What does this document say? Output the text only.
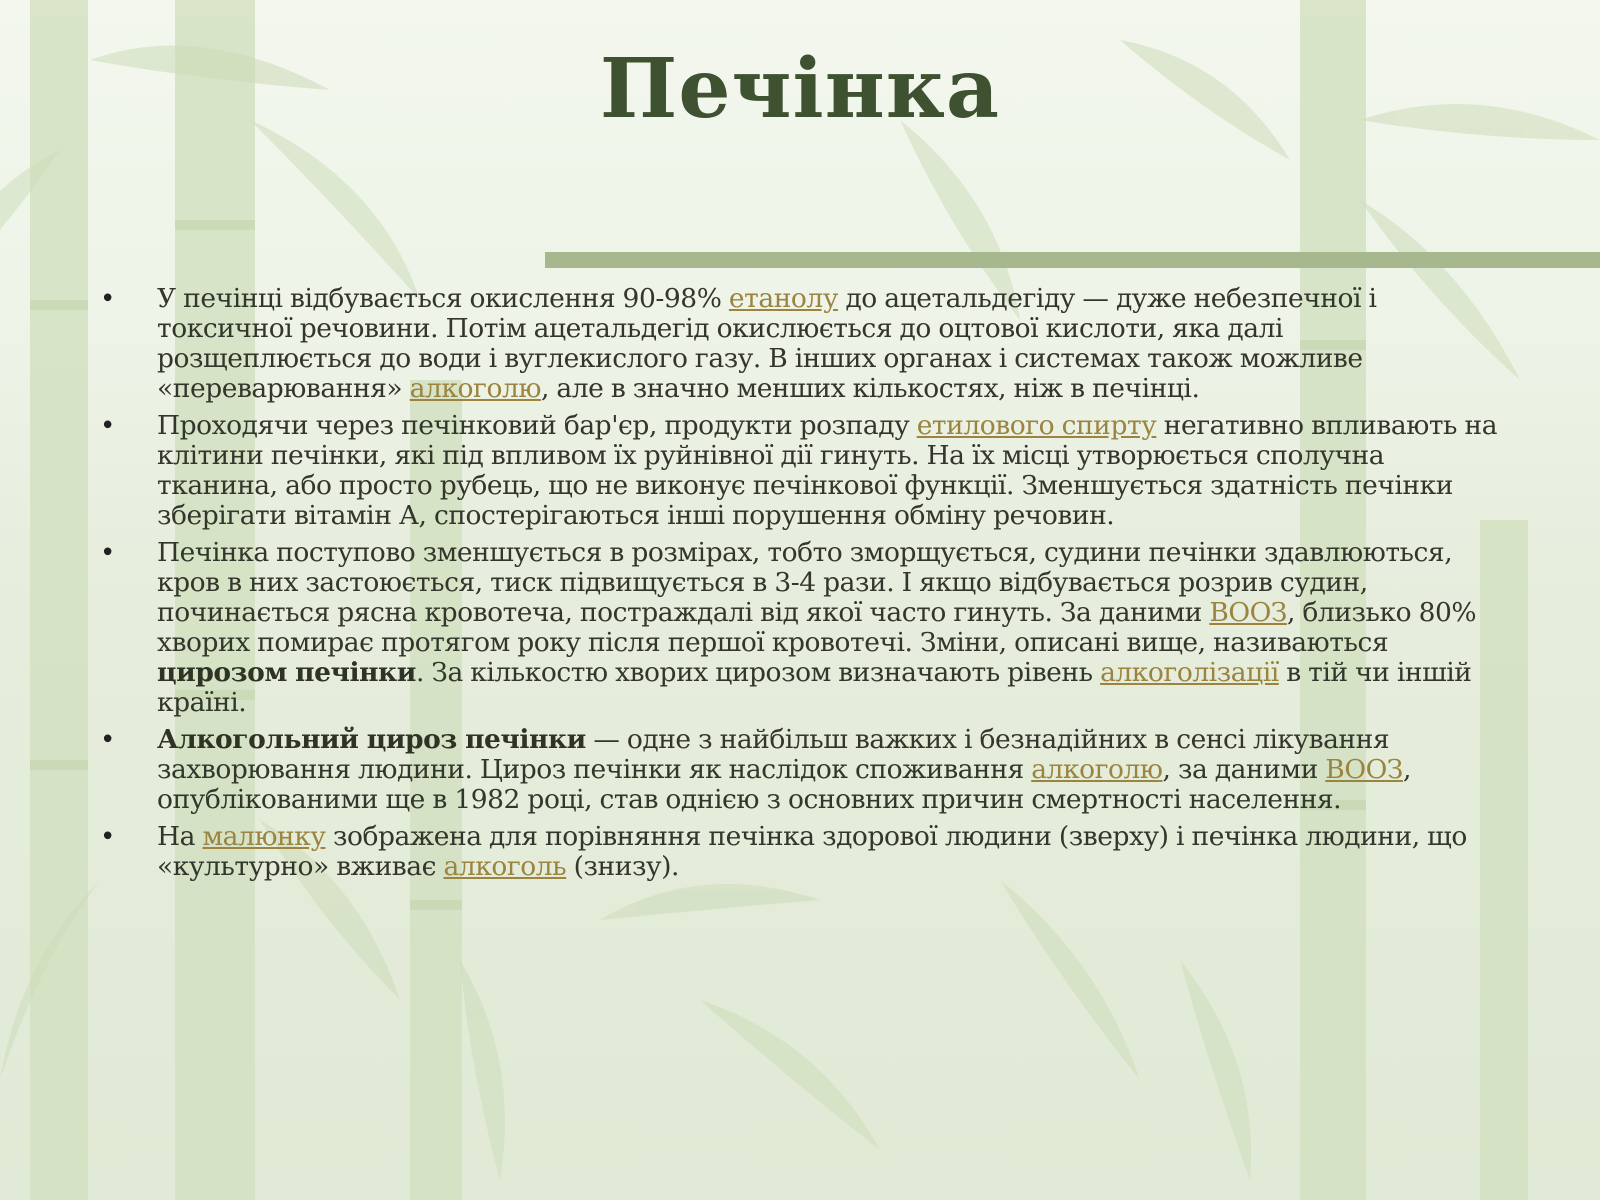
Печінка
• У печінці відбувається окислення 90-98% етанолу до ацетальдегіду — дуже небезпечної і токсичної речовини. Потім ацетальдегід окислюється до оцтової кислоти, яка далі розщеплюється до води і вуглекислого газу. В інших органах і системах також можливе «переварювання» алкоголю, але в значно менших кількостях, ніж в печінці.
• Проходячи через печінковий бар'єр, продукти розпаду етилового спирту негативно впливають на клітини печінки, які під впливом їх руйнівної дії гинуть. На їх місці утворюється сполучна тканина, або просто рубець, що не виконує печінкової функції. Зменшується здатність печінки зберігати вітамін А, спостерігаються інші порушення обміну речовин.
• Печінка поступово зменшується в розмірах, тобто зморщується, судини печінки здавлюються, кров в них застоюється, тиск підвищується в 3-4 рази. І якщо відбувається розрив судин, починається рясна кровотеча, постраждалі від якої часто гинуть. За даними ВООЗ, близько 80% хворих помирає протягом року після першої кровотечі. Зміни, описані вище, називаються цирозом печінки. За кількостю хворих цирозом визначають рівень алкоголізації в тій чи іншій країні.
• Алкогольний цироз печінки — одне з найбільш важких і безнадійних в сенсі лікування захворювання людини. Цироз печінки як наслідок споживання алкоголю, за даними ВООЗ, опублікованими ще в 1982 році, став однією з основних причин смертності населення.
• На малюнку зображена для порівняння печінка здорової людини (зверху) і печінка людини, що «культурно» вживає алкоголь (знизу).
